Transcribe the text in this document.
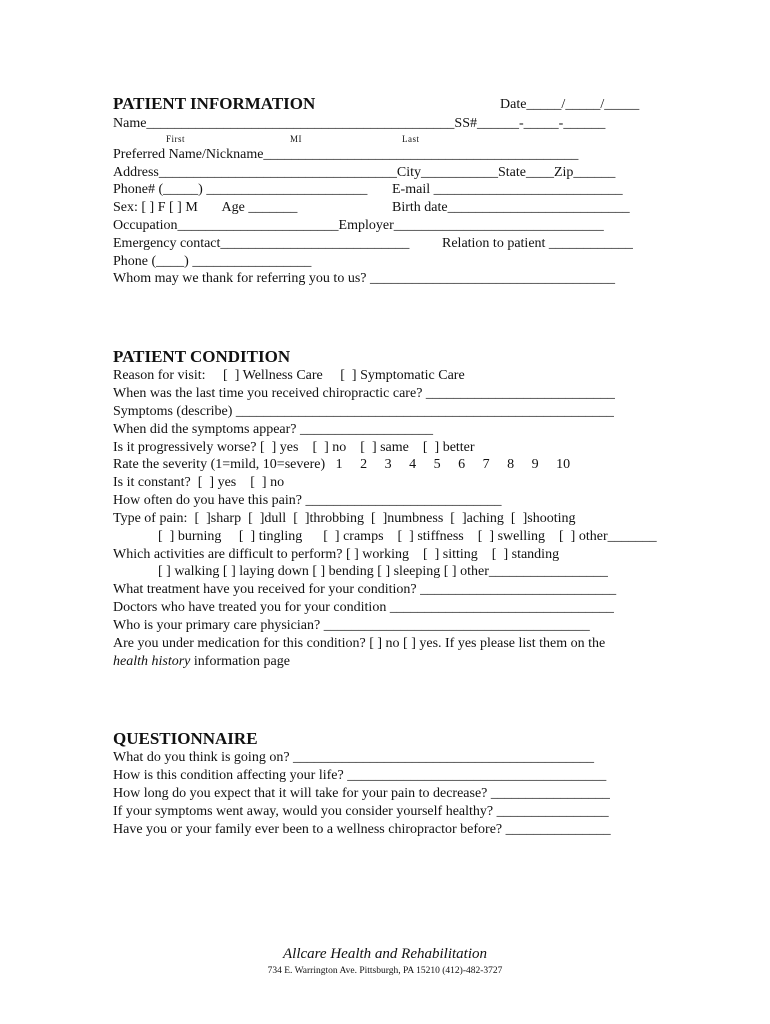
PATIENT INFORMATION	Date_____/_____/_____
Name____________________________________________SS#______-_____-______
First	MI	Last
Preferred Name/Nickname_____________________________________________
Address__________________________________City___________State____Zip______
Phone# (_____) _______________________ E-mail ___________________________
Sex: [ ] F [ ] M       Age _______	Birth date__________________________
Occupation_______________________Employer______________________________
Emergency contact___________________________ Relation to patient ____________
Phone (____) _________________
Whom may we thank for referring you to us? ___________________________________
PATIENT CONDITION
Reason for visit:     [  ] Wellness Care     [  ] Symptomatic Care
When was the last time you received chiropractic care? ___________________________
Symptoms (describe) ______________________________________________________
When did the symptoms appear? ___________________
Is it progressively worse? [  ] yes    [  ] no    [  ] same    [  ] better
Rate the severity (1=mild, 10=severe)   1     2     3     4     5     6     7     8     9     10
Is it constant?  [  ] yes    [  ] no
How often do you have this pain? ____________________________
Type of pain:  [  ]sharp  [  ]dull  [  ]throbbing  [  ]numbness  [  ]aching  [  ]shooting
[  ] burning     [  ] tingling      [  ] cramps    [  ] stiffness    [  ] swelling    [  ] other_______
Which activities are difficult to perform? [ ] working    [  ] sitting    [  ] standing
[ ] walking [ ] laying down [ ] bending [ ] sleeping [ ] other_________________
What treatment have you received for your condition? ____________________________
Doctors who have treated you for your condition ________________________________
Who is your primary care physician? ______________________________________
Are you under medication for this condition? [ ] no [ ] yes. If yes please list them on the
health history information page
QUESTIONNAIRE
What do you think is going on? ___________________________________________
How is this condition affecting your life? _____________________________________
How long do you expect that it will take for your pain to decrease? _________________
If your symptoms went away, would you consider yourself healthy? ________________
Have you or your family ever been to a wellness chiropractor before? _______________
Allcare Health and Rehabilitation
734 E. Warrington Ave. Pittsburgh, PA 15210 (412)-482-3727
